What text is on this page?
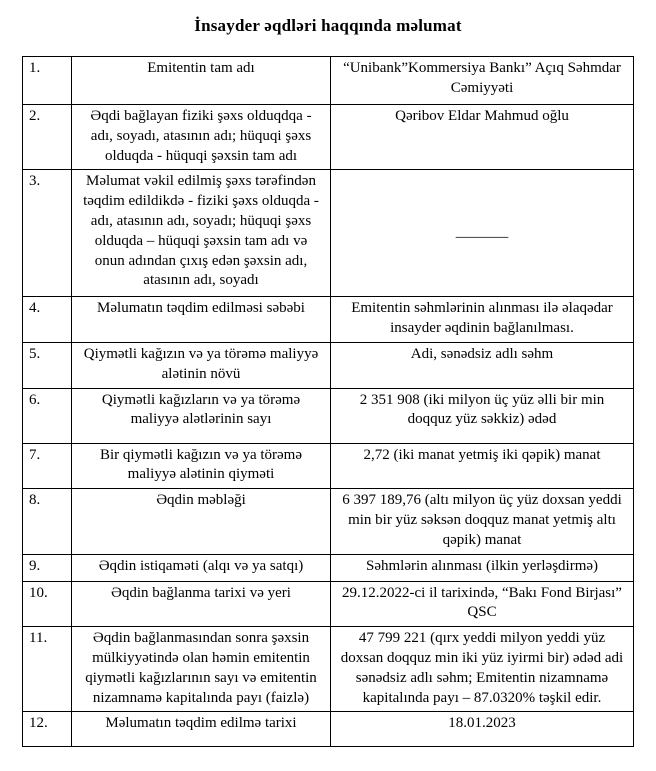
İnsayder əqdləri haqqında məlumat
1.	Emitentin tam adı	“Unibank”Kommersiya Bankı” Açıq Səhmdar Cəmiyyəti
2.	Əqdi bağlayan fiziki şəxs olduqdqa - adı, soyadı, atasının adı; hüquqi şəxs olduqda - hüquqi şəxsin tam adı	Qəribov Eldar Mahmud oğlu
3.	Məlumat vəkil edilmiş şəxs tərəfindən təqdim edildikdə - fiziki şəxs olduqda - adı, atasının adı, soyadı; hüquqi şəxs olduqda – hüquqi şəxsin tam adı və onun adından çıxış edən şəxsin adı, atasının adı, soyadı	_______
4.	Məlumatın təqdim edilməsi səbəbi	Emitentin səhmlərinin alınması ilə əlaqədar insayder əqdinin bağlanılması.
5.	Qiymətli kağızın və ya törəmə maliyyə alətinin növü	Adi, sənədsiz adlı səhm
6.	Qiymətli kağızların və ya törəmə maliyyə alətlərinin sayı	2 351 908 (iki milyon üç yüz əlli bir min doqquz yüz səkkiz) ədəd
7.	Bir qiymətli kağızın və ya törəmə maliyyə alətinin qiyməti	2,72 (iki manat yetmiş iki qəpik) manat
8.	Əqdin məbləği	6 397 189,76 (altı milyon üç yüz doxsan yeddi min bir yüz səksən doqquz manat yetmiş altı qəpik) manat
9.	Əqdin istiqaməti (alqı və ya satqı)	Səhmlərin alınması (ilkin yerləşdirmə)
10.	Əqdin bağlanma tarixi və yeri	29.12.2022-ci il tarixində, “Bakı Fond Birjası” QSC
11.	Əqdin bağlanmasından sonra şəxsin mülkiyyətində olan həmin emitentin qiymətli kağızlarının sayı və emitentin nizamnamə kapitalında payı (faizlə)	47 799 221 (qırx yeddi milyon yeddi yüz doxsan doqquz min iki yüz iyirmi bir) ədəd adi sənədsiz adlı səhm; Emitentin nizamnamə kapitalında payı – 87.0320% təşkil edir.
12.	Məlumatın təqdim edilmə tarixi	18.01.2023
